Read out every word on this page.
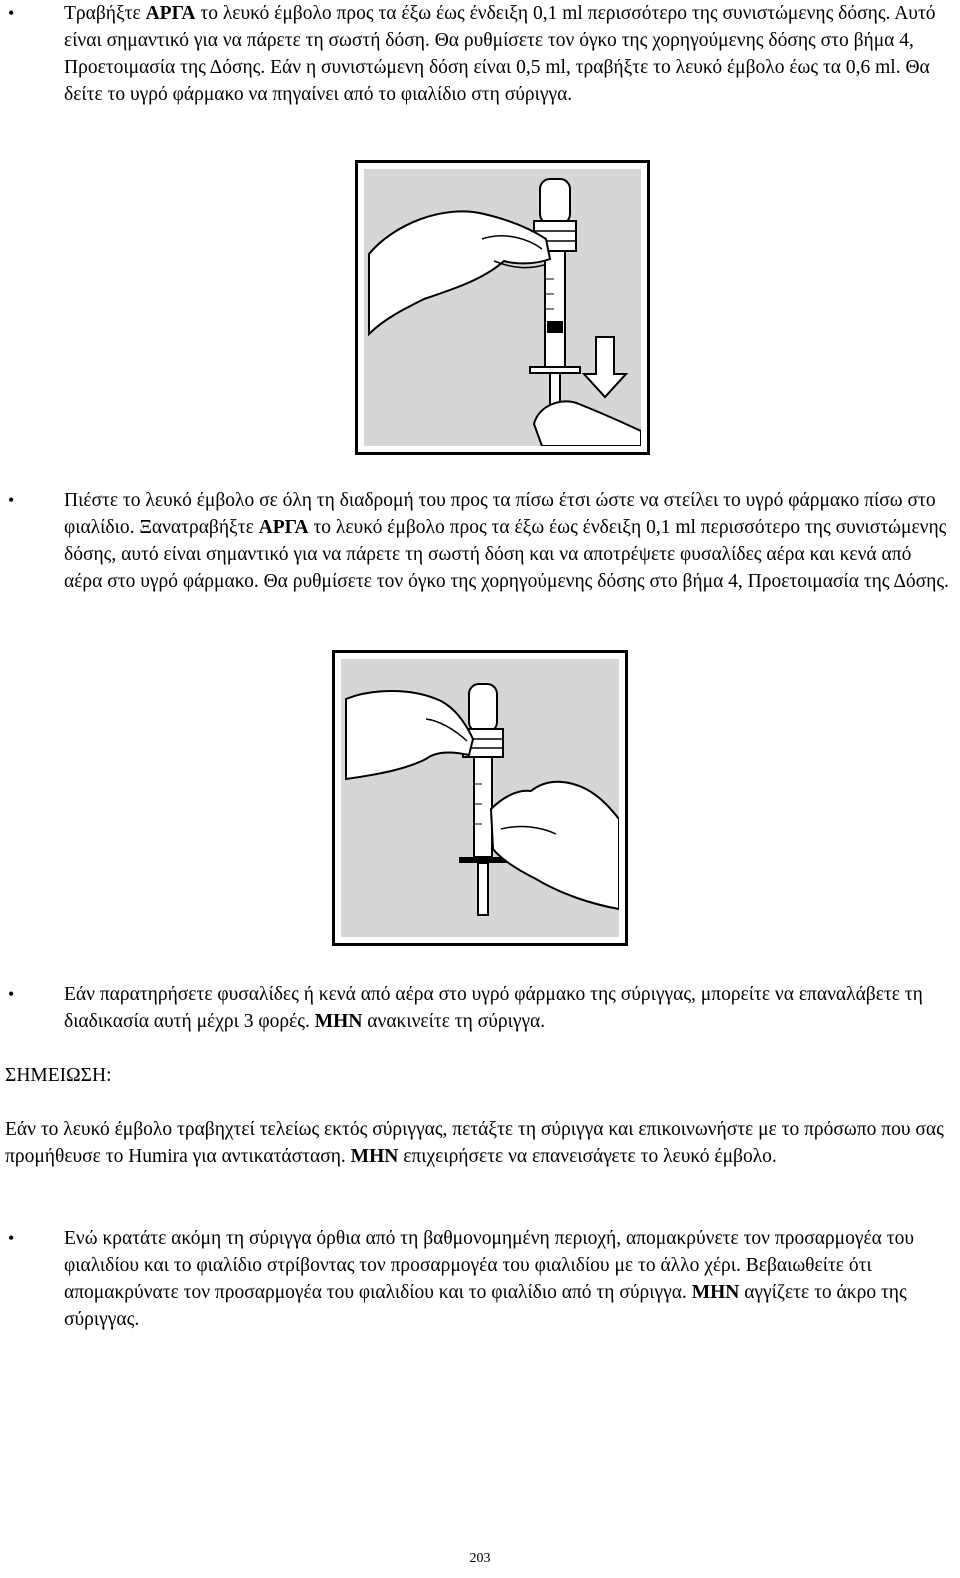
•	Τραβήξτε ΑΡΓΑ το λευκό έμβολο προς τα έξω έως ένδειξη 0,1 ml περισσότερο της συνιστώμενης δόσης. Αυτό είναι σημαντικό για να πάρετε τη σωστή δόση. Θα ρυθμίσετε τον όγκο της χορηγούμενης δόσης στο βήμα 4, Προετοιμασία της Δόσης. Εάν η συνιστώμενη δόση είναι 0,5 ml, τραβήξτε το λευκό έμβολο έως τα 0,6 ml. Θα δείτε το υγρό φάρμακο να πηγαίνει από το φιαλίδιο στη σύριγγα.
•	Πιέστε το λευκό έμβολο σε όλη τη διαδρομή του προς τα πίσω έτσι ώστε να στείλει το υγρό φάρμακο πίσω στο φιαλίδιο. Ξανατραβήξτε ΑΡΓΑ το λευκό έμβολο προς τα έξω έως ένδειξη 0,1 ml περισσότερο της συνιστώμενης δόσης, αυτό είναι σημαντικό για να πάρετε τη σωστή δόση και να αποτρέψετε φυσαλίδες αέρα και κενά από αέρα στο υγρό φάρμακο. Θα ρυθμίσετε τον όγκο της χορηγούμενης δόσης στο βήμα 4, Προετοιμασία της Δόσης.
•	Εάν παρατηρήσετε φυσαλίδες ή κενά από αέρα στο υγρό φάρμακο της σύριγγας, μπορείτε να επαναλάβετε τη διαδικασία αυτή μέχρι 3 φορές. ΜΗΝ ανακινείτε τη σύριγγα.
ΣΗΜΕΙΩΣΗ:
Εάν το λευκό έμβολο τραβηχτεί τελείως εκτός σύριγγας, πετάξτε τη σύριγγα και επικοινωνήστε με το πρόσωπο που σας προμήθευσε το Humira για αντικατάσταση. ΜΗΝ επιχειρήσετε να επανεισάγετε το λευκό έμβολο.
•	Ενώ κρατάτε ακόμη τη σύριγγα όρθια από τη βαθμονομημένη περιοχή, απομακρύνετε τον προσαρμογέα του φιαλιδίου και το φιαλίδιο στρίβοντας τον προσαρμογέα του φιαλιδίου με το άλλο χέρι. Βεβαιωθείτε ότι απομακρύνατε τον προσαρμογέα του φιαλιδίου και το φιαλίδιο από τη σύριγγα. ΜΗΝ αγγίζετε το άκρο της σύριγγας.
203
